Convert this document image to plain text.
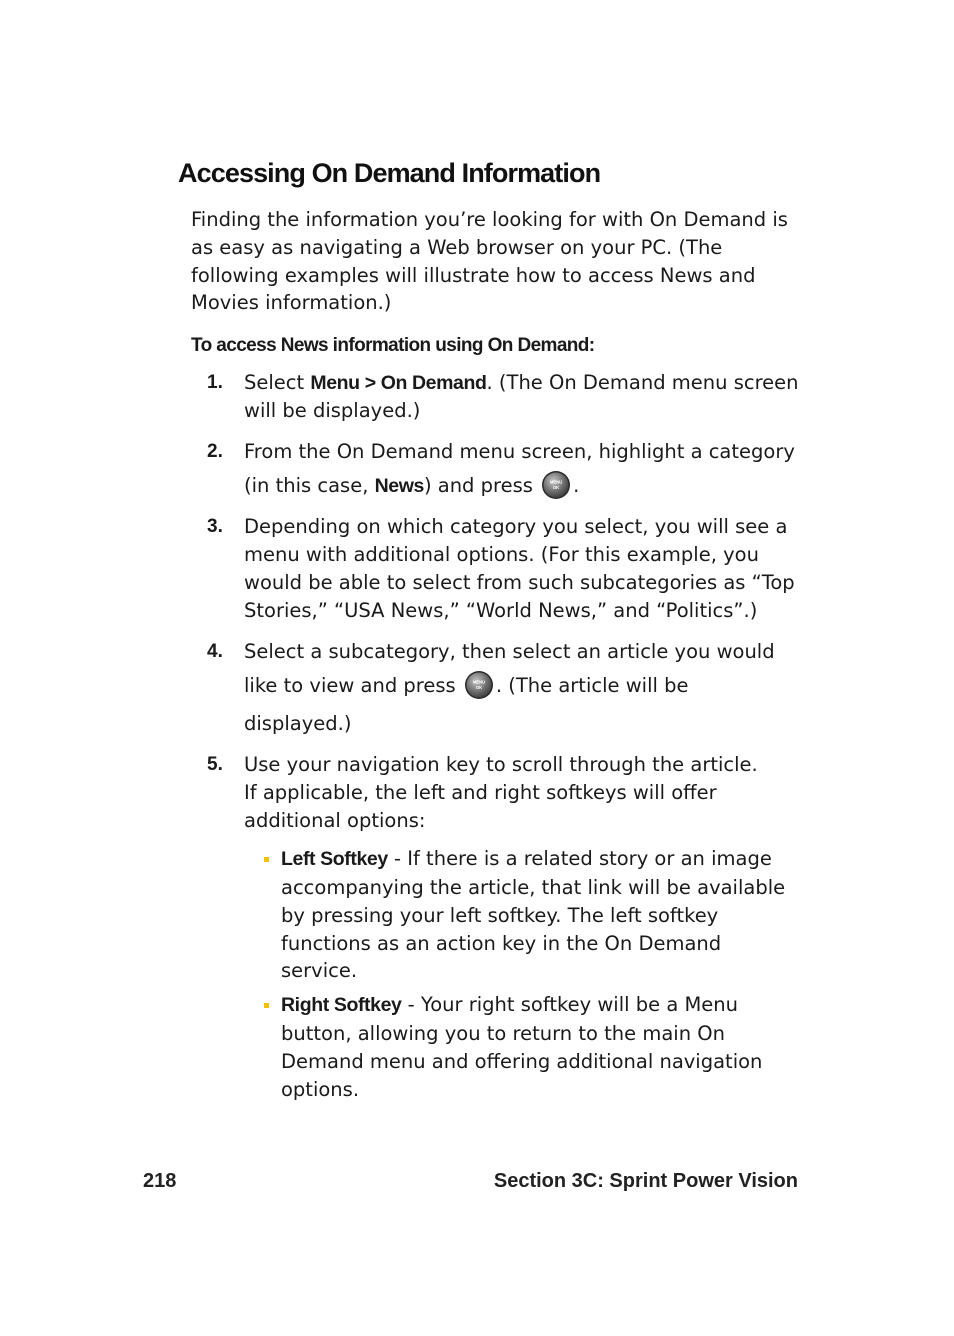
Accessing On Demand Information

Finding the information you’re looking for with On Demand is as easy as navigating a Web browser on your PC. (The following examples will illustrate how to access News and Movies information.)

To access News information using On Demand:

1. Select Menu > On Demand. (The On Demand menu screen will be displayed.)
2. From the On Demand menu screen, highlight a category
(in this case, News) and press	MENU
OK .
3. Depending on which category you select, you will see a menu with additional options. (For this example, you would be able to select from such subcategories as “Top Stories,” “USA News,” “World News,” and “Politics”.)
4. Select a subcategory, then select an article you would
like to view and press	MENU
OK . (The article will be displayed.)
5. Use your navigation key to scroll through the article.
If applicable, the left and right softkeys will offer additional options:
Left Softkey - If there is a related story or an image accompanying the article, that link will be available by pressing your left softkey. The left softkey functions as an action key in the On Demand service.
Right Softkey - Your right softkey will be a Menu button, allowing you to return to the main On Demand menu and offering additional navigation options.
218	Section 3C: Sprint Power Vision
